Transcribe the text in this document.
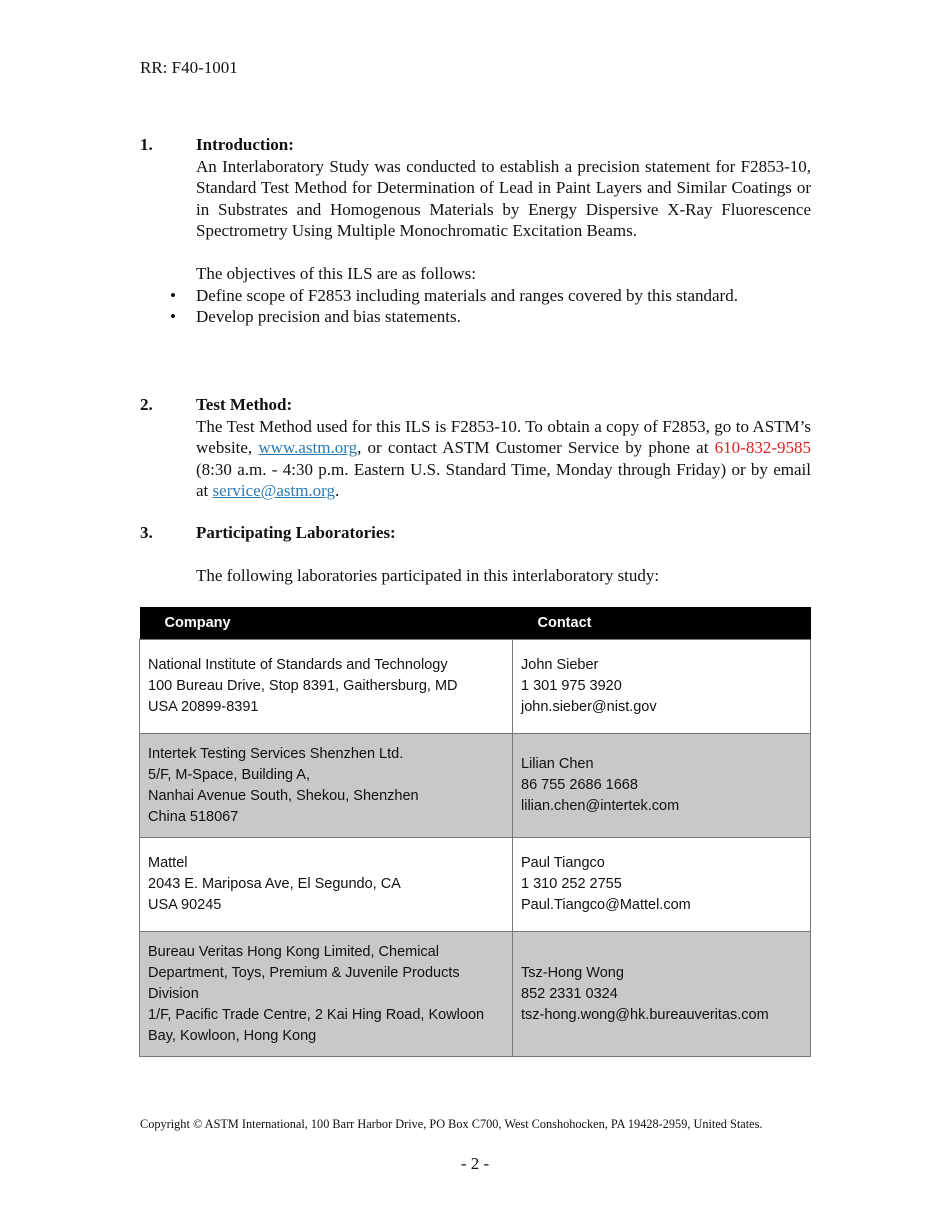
RR: F40-1001
1.	Introduction:

An Interlaboratory Study was conducted to establish a precision statement for F2853-10, Standard Test Method for Determination of Lead in Paint Layers and Similar Coatings or in Substrates and Homogenous Materials by Energy Dispersive X-Ray Fluorescence Spectrometry Using Multiple Monochromatic Excitation Beams.

The objectives of this ILS are as follows:

• Define scope of F2853 including materials and ranges covered by this standard.
• Develop precision and bias statements.
2.	Test Method:

The Test Method used for this ILS is F2853-10. To obtain a copy of F2853, go to ASTM’s website, www.astm.org, or contact ASTM Customer Service by phone at 610-832-9585 (8:30 a.m. - 4:30 p.m. Eastern U.S. Standard Time, Monday through Friday) or by email at service@astm.org.

3.	Participating Laboratories:

The following laboratories participated in this interlaboratory study:

Company	Contact

National Institute of Standards and Technology
100 Bureau Drive, Stop 8391, Gaithersburg, MD
USA 20899-8391	John Sieber
1 301 975 3920
john.sieber@nist.gov

Intertek Testing Services Shenzhen Ltd.
5/F, M-Space, Building A,
Nanhai Avenue South, Shekou, Shenzhen
China 518067	Lilian Chen
86 755 2686 1668
lilian.chen@intertek.com

Mattel
2043 E. Mariposa Ave, El Segundo, CA
USA 90245	Paul Tiangco
1 310 252 2755
Paul.Tiangco@Mattel.com

Bureau Veritas Hong Kong Limited, Chemical
Department, Toys, Premium & Juvenile Products
Division
1/F, Pacific Trade Centre, 2 Kai Hing Road, Kowloon
Bay, Kowloon, Hong Kong	Tsz-Hong Wong
852 2331 0324
tsz-hong.wong@hk.bureauveritas.com
Copyright © ASTM International, 100 Barr Harbor Drive, PO Box C700, West Conshohocken, PA 19428-2959, United States.
- 2 -
